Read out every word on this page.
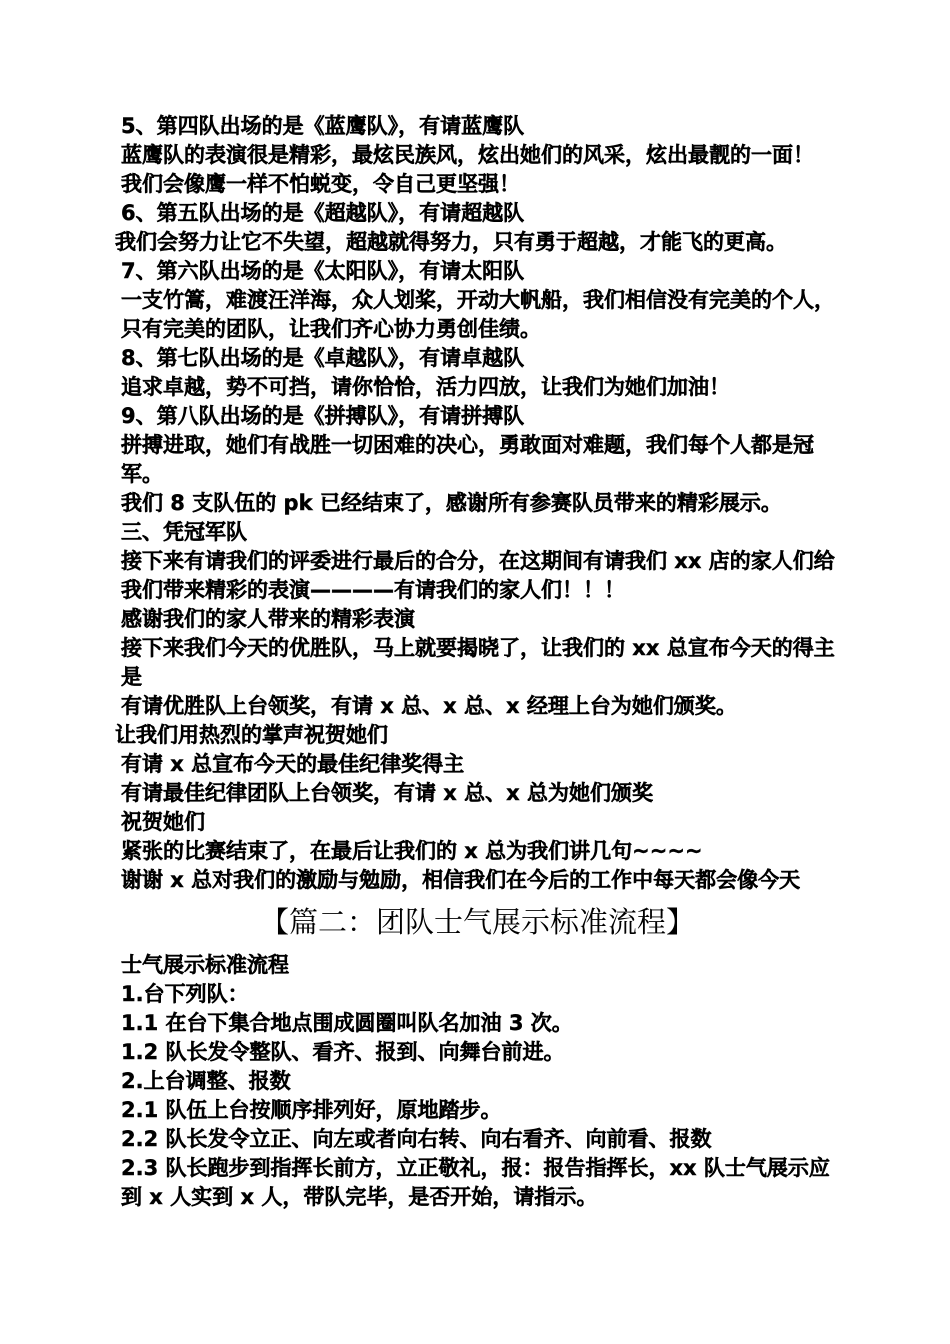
5、第四队出场的是《蓝鹰队》，有请蓝鹰队

蓝鹰队的表演很是精彩，最炫民族风，炫出她们的风采，炫出最靓的一面！ 我们会像鹰一样不怕蜕变，令自己更坚强！

6、第五队出场的是《超越队》，有请超越队

我们会努力让它不失望，超越就得努力，只有勇于超越，才能飞的更高。

7、第六队出场的是《太阳队》，有请太阳队

一支竹篙，难渡汪洋海，众人划桨，开动大帆船，我们相信没有完美的个人，只有完美的团队，让我们齐心协力勇创佳绩。

8、第七队出场的是《卓越队》，有请卓越队

追求卓越，势不可挡，请你恰恰，活力四放，让我们为她们加油！

9、第八队出场的是《拼搏队》，有请拼搏队

拼搏进取，她们有战胜一切困难的决心，勇敢面对难题，我们每个人都是冠军。

我们 8 支队伍的 pk 已经结束了，感谢所有参赛队员带来的精彩展示。

三、凭冠军队

接下来有请我们的评委进行最后的合分，在这期间有请我们 xx 店的家人们给我们带来精彩的表演————有请我们的家人们！！！

感谢我们的家人带来的精彩表演

接下来我们今天的优胜队，马上就要揭晓了，让我们的 xx 总宣布今天的得主是

有请优胜队上台领奖，有请 x 总、x 总、x 经理上台为她们颁奖。

让我们用热烈的掌声祝贺她们

有请 x 总宣布今天的最佳纪律奖得主

有请最佳纪律团队上台领奖，有请 x 总、x 总为她们颁奖

祝贺她们

紧张的比赛结束了，在最后让我们的 x 总为我们讲几句~~~~

谢谢 x 总对我们的激励与勉励，相信我们在今后的工作中每天都会像今天

【篇二：团队士气展示标准流程】

士气展示标准流程

1.台下列队：

1.1 在台下集合地点围成圆圈叫队名加油 3 次。

1.2 队长发令整队、看齐、报到、向舞台前进。

2.上台调整、报数

2.1 队伍上台按顺序排列好，原地踏步。

2.2 队长发令立正、向左或者向右转、向右看齐、向前看、报数

2.3 队长跑步到指挥长前方，立正敬礼，报：报告指挥长，xx 队士气展示应到 x 人实到 x 人，带队完毕，是否开始，请指示。
